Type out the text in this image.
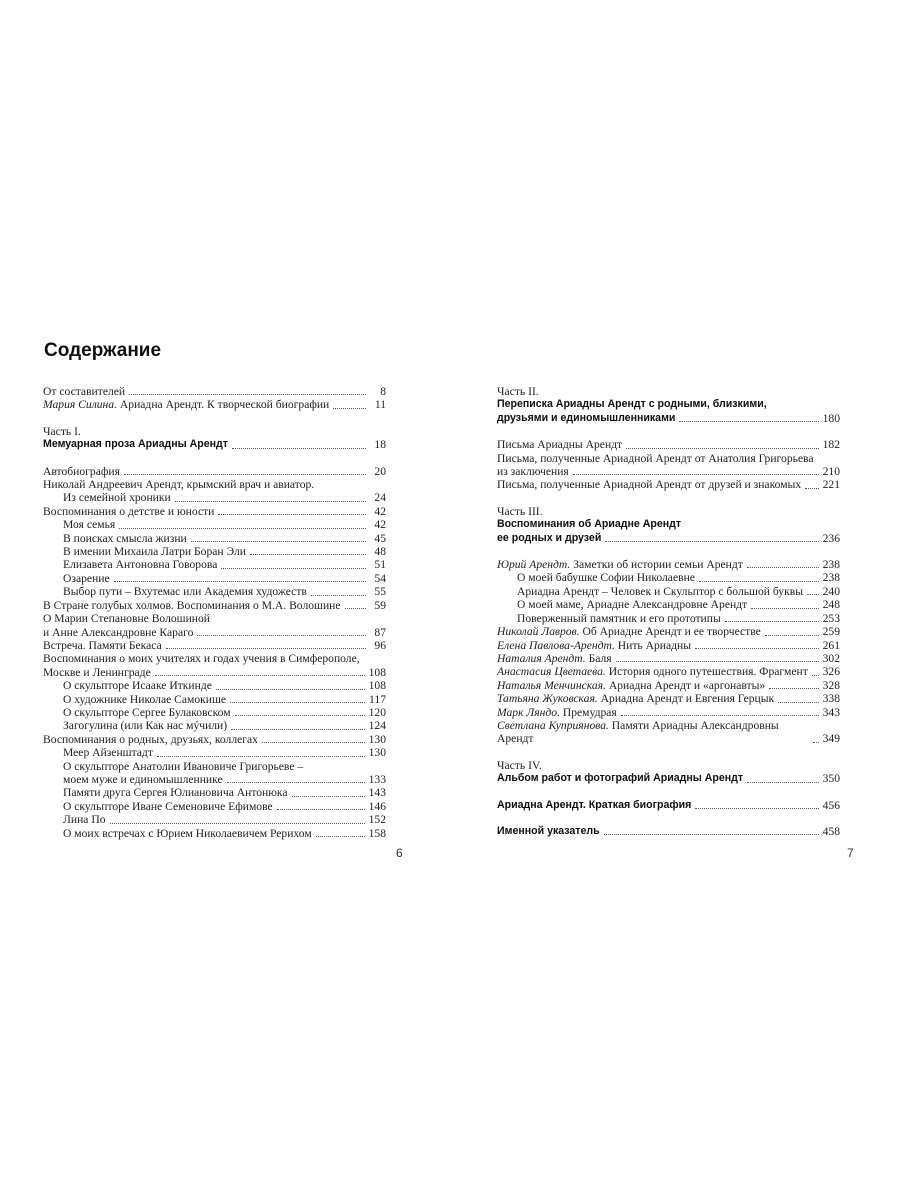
Содержание
От составителей	8
Мария Силина. Ариадна Арендт. К творческой биографии	11
Часть I.
Мемуарная проза Ариадны Арендт	18
Автобиография	20
Николай Андреевич Арендт, крымский врач и авиатор.
Из семейной хроники	24
Воспоминания о детстве и юности	42
Моя семья	42
В поисках смысла жизни	45
В имении Михаила Латри Боран Эли	48
Елизавета Антоновна Говорова	51
Озарение	54
Выбор пути – Вхутемас или Академия художеств	55
В Стране голубых холмов. Воспоминания о М.А. Волошине	59
О Марии Степановне Волошиной
и Анне Александровне Караго	87
Встреча. Памяти Бекаса	96
Воспоминания о моих учителях и годах учения в Симферополе,
Москве и Ленинграде	108
О скульпторе Исааке Иткинде	108
О художнике Николае Самокише	117
О скульпторе Сергее Булаковском	120
Загогулина (или Как нас мýчили)	124
Воспоминания о родных, друзьях, коллегах	130
Меер Айзенштадт	130
О скульпторе Анатолии Ивановиче Григорьеве –
моем муже и единомышленнике	133
Памяти друга Сергея Юлиановича Антонюка	143
О скульпторе Иване Семеновиче Ефимове	146
Лина По	152
О моих встречах с Юрием Николаевичем Рерихом	158
6
Часть II.
Переписка Ариадны Арендт с родными, близкими,
друзьями и единомышленниками	180
Письма Ариадны Арендт	182
Письма, полученные Ариадной Арендт от Анатолия Григорьева
из заключения	210
Письма, полученные Ариадной Арендт от друзей и знакомых 221
Часть III.
Воспоминания об Ариадне Арендт
ее родных и друзей	236
Юрий Арендт. Заметки об истории семьи Арендт	238
О моей бабушке Софии Николаевне	238
Ариадна Арендт – Человек и Скульптор с большой буквы 240
О моей маме, Ариадне Александровне Арендт	248
Поверженный памятник и его прототипы	253
Николай Лавров. Об Ариадне Арендт и ее творчестве	259
Елена Павлова-Арендт. Нить Ариадны	261
Наталия Арендт. Баля	302
Анастасия Цветаева. История одного путешествия. Фрагмент 326
Наталья Менчинская. Ариадна Арендт и «аргонавты»	328
Татьяна Жуковская. Ариадна Арендт и Евгения Герцык	338
Марк Ляндо. Премудрая	343
Светлана Куприянова. Памяти Ариадны Александровны Арендт	349
Часть IV.
Альбом работ и фотографий Ариадны Арендт	350
Ариадна Арендт. Краткая биография	456
Именной указатель	458
7
